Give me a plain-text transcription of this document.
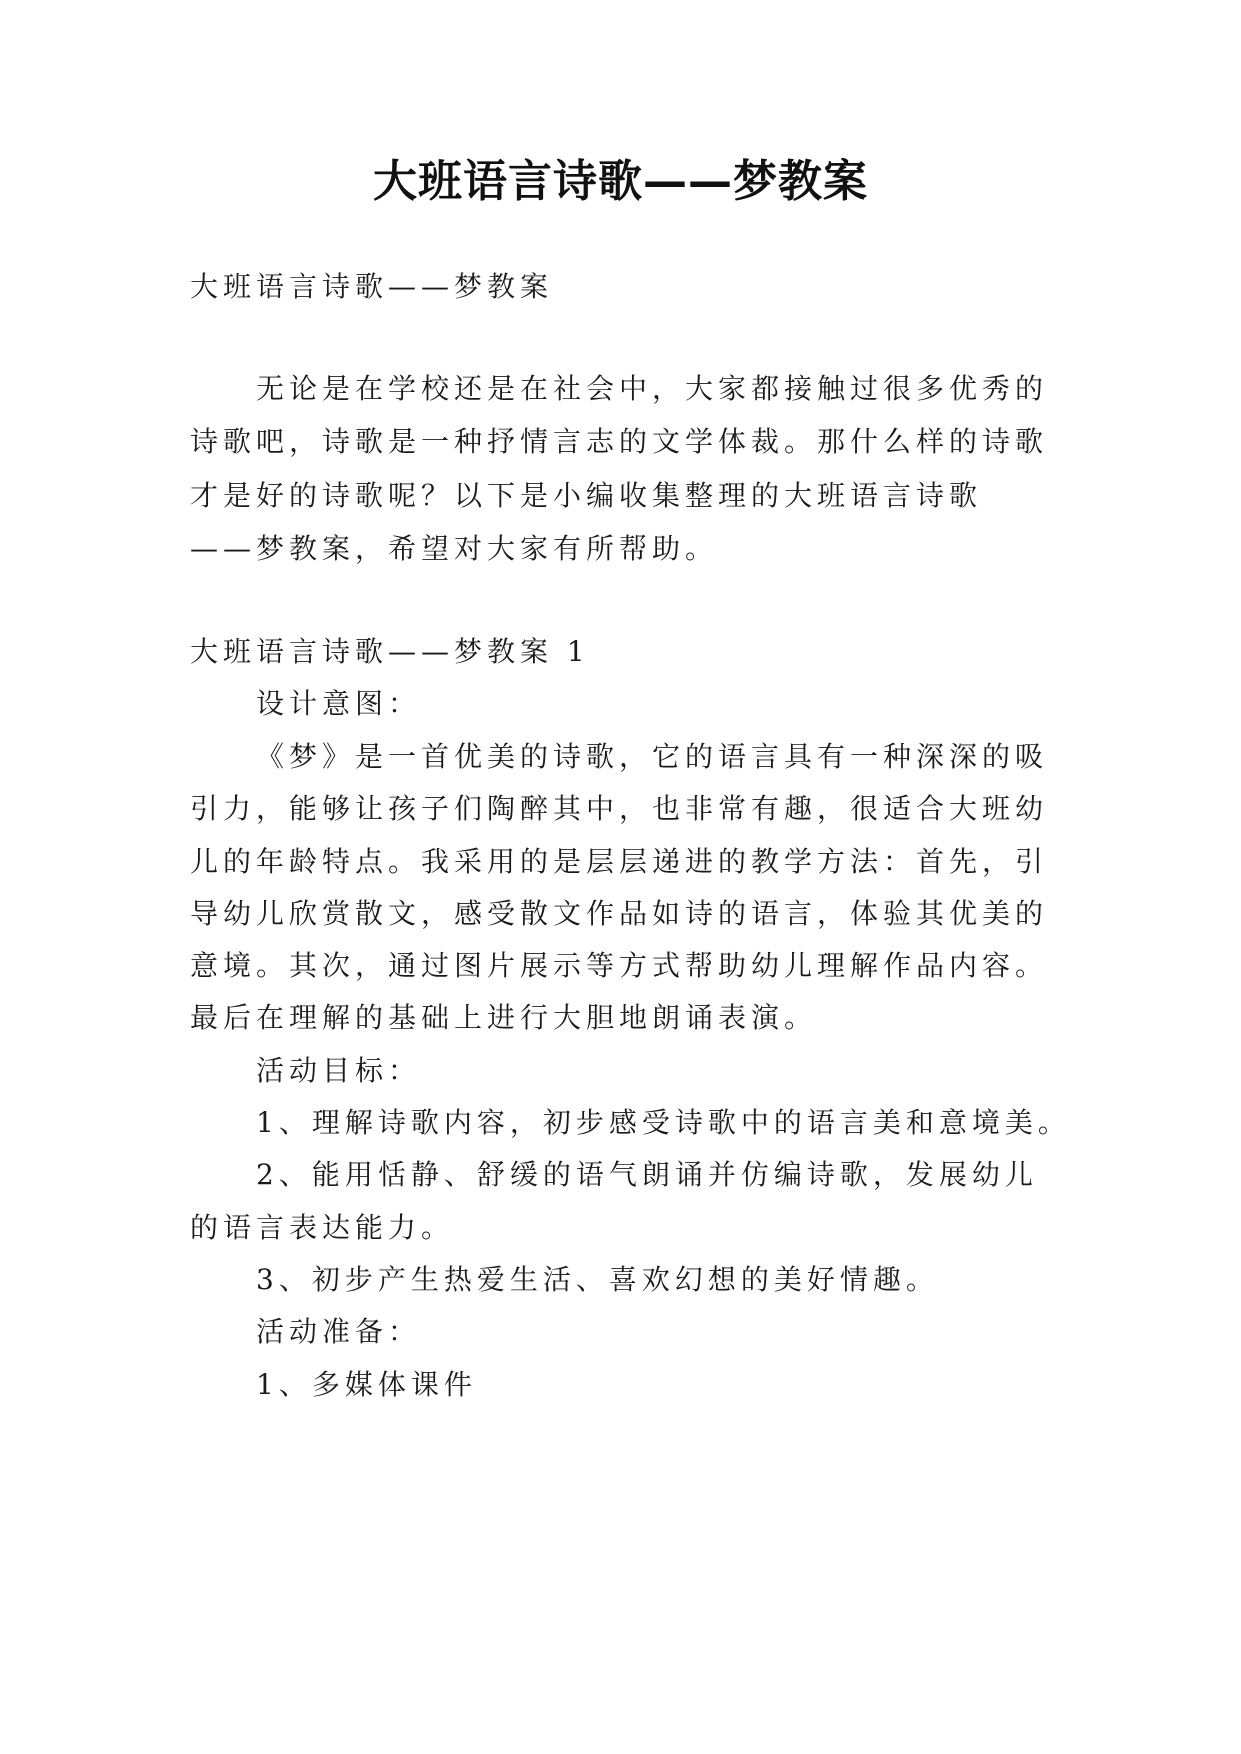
大班语言诗歌——梦教案
大班语言诗歌——梦教案
无论是在学校还是在社会中，大家都接触过很多优秀的
诗歌吧，诗歌是一种抒情言志的文学体裁。那什么样的诗歌
才是好的诗歌呢？以下是小编收集整理的大班语言诗歌
——梦教案，希望对大家有所帮助。
大班语言诗歌——梦教案 1
设计意图：
《梦》是一首优美的诗歌，它的语言具有一种深深的吸
引力，能够让孩子们陶醉其中，也非常有趣，很适合大班幼
儿的年龄特点。我采用的是层层递进的教学方法：首先，引
导幼儿欣赏散文，感受散文作品如诗的语言，体验其优美的
意境。其次，通过图片展示等方式帮助幼儿理解作品内容。
最后在理解的基础上进行大胆地朗诵表演。
活动目标：
1、理解诗歌内容，初步感受诗歌中的语言美和意境美。
2、能用恬静、舒缓的语气朗诵并仿编诗歌，发展幼儿
的语言表达能力。
3、初步产生热爱生活、喜欢幻想的美好情趣。
活动准备：
1、多媒体课件
